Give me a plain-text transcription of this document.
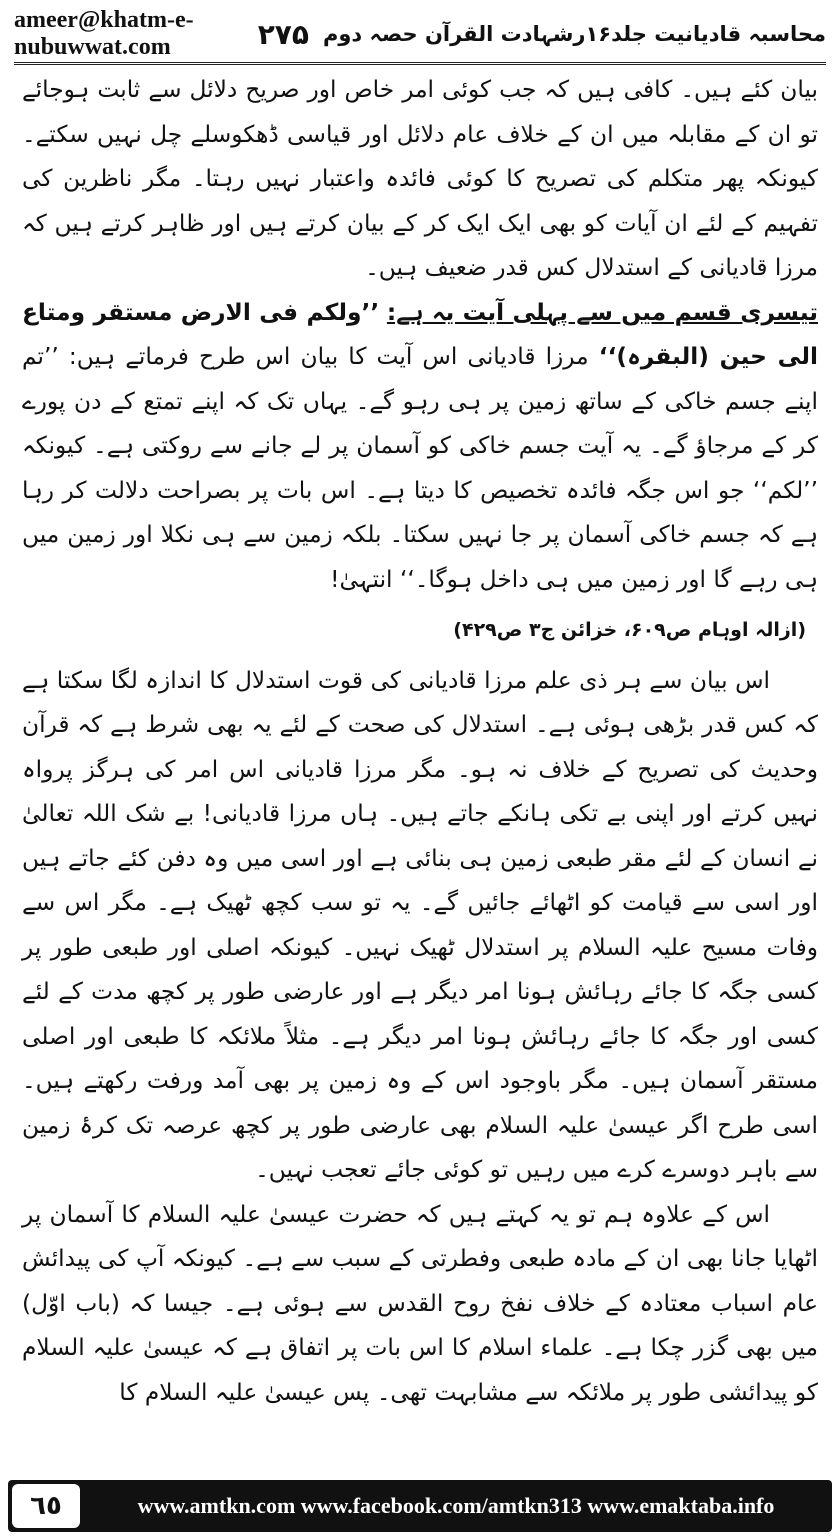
ameer@khatm-e-nubuwwat.com	۲۷۵ محاسبہ قادیانیت جلد۱۶رشہادت القرآن حصہ دوم

بیان کئے ہیں۔ کافی ہیں کہ جب کوئی امر خاص اور صریح دلائل سے ثابت ہوجائے تو ان کے مقابلہ میں ان کے خلاف عام دلائل اور قیاسی ڈھکوسلے چل نہیں سکتے۔ کیونکہ پھر متکلم کی تصریح کا کوئی فائدہ واعتبار نہیں رہتا۔ مگر ناظرین کی تفہیم کے لئے ان آیات کو بھی ایک ایک کر کے بیان کرتے ہیں اور ظاہر کرتے ہیں کہ مرزا قادیانی کے استدلال کس قدر ضعیف ہیں۔

تیسری قسم میں سے پہلی آیت یہ ہے: ’’ولکم فی الارض مستقر ومتاع الی حین (البقرہ)‘‘ مرزا قادیانی اس آیت کا بیان اس طرح فرماتے ہیں: ’’تم اپنے جسم خاکی کے ساتھ زمین پر ہی رہو گے۔ یہاں تک کہ اپنے تمتع کے دن پورے کر کے مرجاؤ گے۔ یہ آیت جسم خاکی کو آسمان پر لے جانے سے روکتی ہے۔ کیونکہ ’’لکم‘‘ جو اس جگہ فائدہ تخصیص کا دیتا ہے۔ اس بات پر بصراحت دلالت کر رہا ہے کہ جسم خاکی آسمان پر جا نہیں سکتا۔ بلکہ زمین سے ہی نکلا اور زمین میں ہی رہے گا اور زمین میں ہی داخل ہوگا۔‘‘ انتہیٰ!

(ازالہ اوہام ص۶۰۹، خزائن ج۳ ص۴۲۹)

اس بیان سے ہر ذی علم مرزا قادیانی کی قوت استدلال کا اندازہ لگا سکتا ہے کہ کس قدر بڑھی ہوئی ہے۔ استدلال کی صحت کے لئے یہ بھی شرط ہے کہ قرآن وحدیث کی تصریح کے خلاف نہ ہو۔ مگر مرزا قادیانی اس امر کی ہرگز پرواہ نہیں کرتے اور اپنی بے تکی ہانکے جاتے ہیں۔ ہاں مرزا قادیانی! بے شک اللہ تعالیٰ نے انسان کے لئے مقر طبعی زمین ہی بنائی ہے اور اسی میں وہ دفن کئے جاتے ہیں اور اسی سے قیامت کو اٹھائے جائیں گے۔ یہ تو سب کچھ ٹھیک ہے۔ مگر اس سے وفات مسیح علیہ السلام پر استدلال ٹھیک نہیں۔ کیونکہ اصلی اور طبعی طور پر کسی جگہ کا جائے رہائش ہونا امر دیگر ہے اور عارضی طور پر کچھ مدت کے لئے کسی اور جگہ کا جائے رہائش ہونا امر دیگر ہے۔ مثلاً ملائکہ کا طبعی اور اصلی مستقر آسمان ہیں۔ مگر باوجود اس کے وہ زمین پر بھی آمد ورفت رکھتے ہیں۔ اسی طرح اگر عیسیٰ علیہ السلام بھی عارضی طور پر کچھ عرصہ تک کرۂ زمین سے باہر دوسرے کرے میں رہیں تو کوئی جائے تعجب نہیں۔

اس کے علاوہ ہم تو یہ کہتے ہیں کہ حضرت عیسیٰ علیہ السلام کا آسمان پر اٹھایا جانا بھی ان کے مادہ طبعی وفطرتی کے سبب سے ہے۔ کیونکہ آپ کی پیدائش عام اسباب معتادہ کے خلاف نفخ روح القدس سے ہوئی ہے۔ جیسا کہ (باب اوّل) میں بھی گزر چکا ہے۔ علماء اسلام کا اس بات پر اتفاق ہے کہ عیسیٰ علیہ السلام کو پیدائشی طور پر ملائکہ سے مشابہت تھی۔ پس عیسیٰ علیہ السلام کا

٦٥	www.amtkn.com www.facebook.com/amtkn313 www.emaktaba.info
